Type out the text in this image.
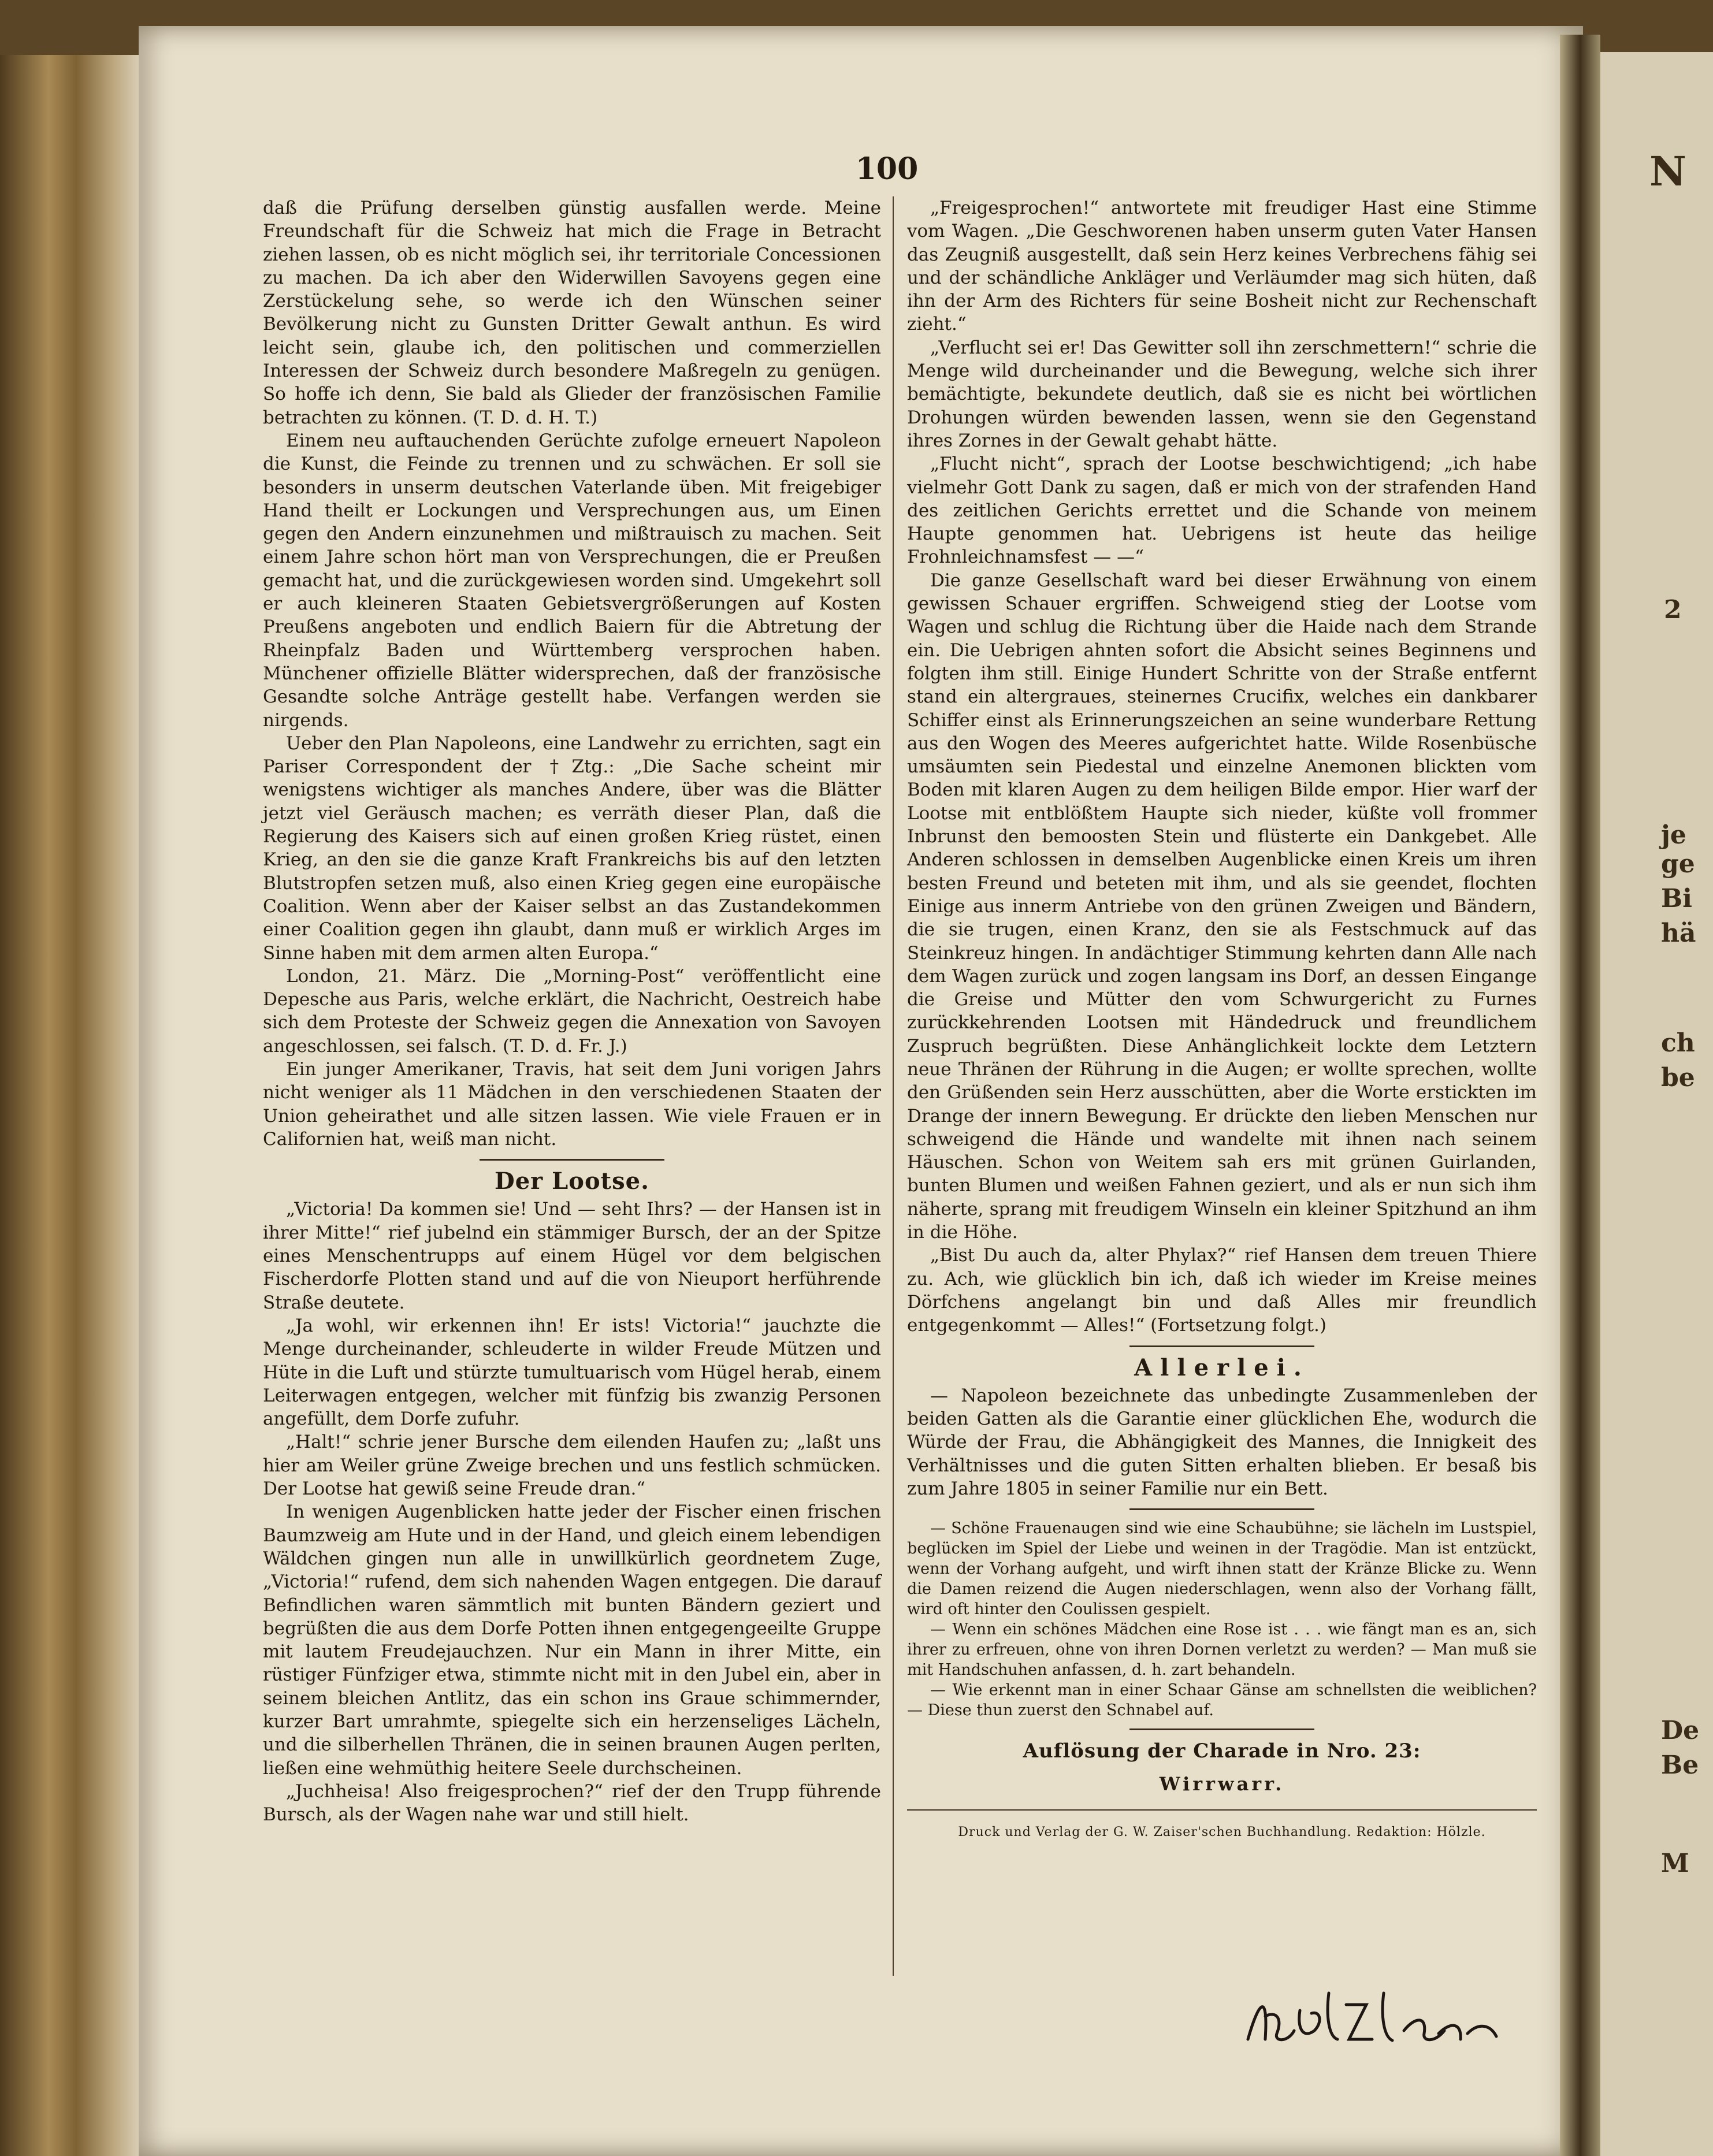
N
2
je
ge
Bi
hä
ch
be
De
Be
M
100

daß die Prüfung derselben günstig ausfallen werde. Meine Freundschaft für die Schweiz hat mich die Frage in Betracht ziehen lassen, ob es nicht möglich sei, ihr territoriale Concessionen zu machen. Da ich aber den Widerwillen Savoyens gegen eine Zerstückelung sehe, so werde ich den Wünschen seiner Bevölkerung nicht zu Gunsten Dritter Gewalt anthun. Es wird leicht sein, glaube ich, den politischen und commerziellen Interessen der Schweiz durch besondere Maßregeln zu genügen. So hoffe ich denn, Sie bald als Glieder der französischen Familie betrachten zu können. (T. D. d. H. T.)

Einem neu auftauchenden Gerüchte zufolge erneuert Napoleon die Kunst, die Feinde zu trennen und zu schwächen. Er soll sie besonders in unserm deutschen Vaterlande üben. Mit freigebiger Hand theilt er Lockungen und Versprechungen aus, um Einen gegen den Andern einzunehmen und mißtrauisch zu machen. Seit einem Jahre schon hört man von Versprechungen, die er Preußen gemacht hat, und die zurückgewiesen worden sind. Umgekehrt soll er auch kleineren Staaten Gebietsvergrößerungen auf Kosten Preußens angeboten und endlich Baiern für die Abtretung der Rheinpfalz Baden und Württemberg versprochen haben. Münchener offizielle Blätter widersprechen, daß der französische Gesandte solche Anträge gestellt habe. Verfangen werden sie nirgends.

Ueber den Plan Napoleons, eine Landwehr zu errichten, sagt ein Pariser Correspondent der †Ztg.: „Die Sache scheint mir wenigstens wichtiger als manches Andere, über was die Blätter jetzt viel Geräusch machen; es verräth dieser Plan, daß die Regierung des Kaisers sich auf einen großen Krieg rüstet, einen Krieg, an den sie die ganze Kraft Frankreichs bis auf den letzten Blutstropfen setzen muß, also einen Krieg gegen eine europäische Coalition. Wenn aber der Kaiser selbst an das Zustandekommen einer Coalition gegen ihn glaubt, dann muß er wirklich Arges im Sinne haben mit dem armen alten Europa.“

London, 21. März. Die „Morning-Post“ veröffentlicht eine Depesche aus Paris, welche erklärt, die Nachricht, Oestreich habe sich dem Proteste der Schweiz gegen die Annexation von Savoyen angeschlossen, sei falsch. (T. D. d. Fr. J.)

Ein junger Amerikaner, Travis, hat seit dem Juni vorigen Jahrs nicht weniger als 11 Mädchen in den verschiedenen Staaten der Union geheirathet und alle sitzen lassen. Wie viele Frauen er in Californien hat, weiß man nicht.

Der Lootse.

„Victoria! Da kommen sie! Und — seht Ihrs? — der Hansen ist in ihrer Mitte!“ rief jubelnd ein stämmiger Bursch, der an der Spitze eines Menschentrupps auf einem Hügel vor dem belgischen Fischerdorfe Plotten stand und auf die von Nieuport herführende Straße deutete.

„Ja wohl, wir erkennen ihn! Er ists! Victoria!“ jauchzte die Menge durcheinander, schleuderte in wilder Freude Mützen und Hüte in die Luft und stürzte tumultuarisch vom Hügel herab, einem Leiterwagen entgegen, welcher mit fünfzig bis zwanzig Personen angefüllt, dem Dorfe zufuhr.

„Halt!“ schrie jener Bursche dem eilenden Haufen zu; „laßt uns hier am Weiler grüne Zweige brechen und uns festlich schmücken. Der Lootse hat gewiß seine Freude dran.“

In wenigen Augenblicken hatte jeder der Fischer einen frischen Baumzweig am Hute und in der Hand, und gleich einem lebendigen Wäldchen gingen nun alle in unwillkürlich geordnetem Zuge, „Victoria!“ rufend, dem sich nahenden Wagen entgegen. Die darauf Befindlichen waren sämmtlich mit bunten Bändern geziert und begrüßten die aus dem Dorfe Potten ihnen entgegengeeilte Gruppe mit lautem Freudejauchzen. Nur ein Mann in ihrer Mitte, ein rüstiger Fünfziger etwa, stimmte nicht mit in den Jubel ein, aber in seinem bleichen Antlitz, das ein schon ins Graue schimmernder, kurzer Bart umrahmte, spiegelte sich ein herzenseliges Lächeln, und die silberhellen Thränen, die in seinen braunen Augen perlten, ließen eine wehmüthig heitere Seele durchscheinen.

„Juchheisa! Also freigesprochen?“ rief der den Trupp führende Bursch, als der Wagen nahe war und still hielt.

„Freigesprochen!“ antwortete mit freudiger Hast eine Stimme vom Wagen. „Die Geschworenen haben unserm guten Vater Hansen das Zeugniß ausgestellt, daß sein Herz keines Verbrechens fähig sei und der schändliche Ankläger und Verläumder mag sich hüten, daß ihn der Arm des Richters für seine Bosheit nicht zur Rechenschaft zieht.“

„Verflucht sei er! Das Gewitter soll ihn zerschmettern!“ schrie die Menge wild durcheinander und die Bewegung, welche sich ihrer bemächtigte, bekundete deutlich, daß sie es nicht bei wörtlichen Drohungen würden bewenden lassen, wenn sie den Gegenstand ihres Zornes in der Gewalt gehabt hätte.

„Flucht nicht“, sprach der Lootse beschwichtigend; „ich habe vielmehr Gott Dank zu sagen, daß er mich von der strafenden Hand des zeitlichen Gerichts errettet und die Schande von meinem Haupte genommen hat. Uebrigens ist heute das heilige Frohnleichnamsfest — —“

Die ganze Gesellschaft ward bei dieser Erwähnung von einem gewissen Schauer ergriffen. Schweigend stieg der Lootse vom Wagen und schlug die Richtung über die Haide nach dem Strande ein. Die Uebrigen ahnten sofort die Absicht seines Beginnens und folgten ihm still. Einige Hundert Schritte von der Straße entfernt stand ein altergraues, steinernes Crucifix, welches ein dankbarer Schiffer einst als Erinnerungszeichen an seine wunderbare Rettung aus den Wogen des Meeres aufgerichtet hatte. Wilde Rosenbüsche umsäumten sein Piedestal und einzelne Anemonen blickten vom Boden mit klaren Augen zu dem heiligen Bilde empor. Hier warf der Lootse mit entblößtem Haupte sich nieder, küßte voll frommer Inbrunst den bemoosten Stein und flüsterte ein Dankgebet. Alle Anderen schlossen in demselben Augenblicke einen Kreis um ihren besten Freund und beteten mit ihm, und als sie geendet, flochten Einige aus innerm Antriebe von den grünen Zweigen und Bändern, die sie trugen, einen Kranz, den sie als Festschmuck auf das Steinkreuz hingen. In andächtiger Stimmung kehrten dann Alle nach dem Wagen zurück und zogen langsam ins Dorf, an dessen Eingange die Greise und Mütter den vom Schwurgericht zu Furnes zurückkehrenden Lootsen mit Händedruck und freundlichem Zuspruch begrüßten. Diese Anhänglichkeit lockte dem Letztern neue Thränen der Rührung in die Augen; er wollte sprechen, wollte den Grüßenden sein Herz ausschütten, aber die Worte erstickten im Drange der innern Bewegung. Er drückte den lieben Menschen nur schweigend die Hände und wandelte mit ihnen nach seinem Häuschen. Schon von Weitem sah ers mit grünen Guirlanden, bunten Blumen und weißen Fahnen geziert, und als er nun sich ihm näherte, sprang mit freudigem Winseln ein kleiner Spitzhund an ihm in die Höhe.

„Bist Du auch da, alter Phylax?“ rief Hansen dem treuen Thiere zu. Ach, wie glücklich bin ich, daß ich wieder im Kreise meines Dörfchens angelangt bin und daß Alles mir freundlich entgegenkommt — Alles!“ (Fortsetzung folgt.)

Allerlei.

— Napoleon bezeichnete das unbedingte Zusammenleben der beiden Gatten als die Garantie einer glücklichen Ehe, wodurch die Würde der Frau, die Abhängigkeit des Mannes, die Innigkeit des Verhältnisses und die guten Sitten erhalten blieben. Er besaß bis zum Jahre 1805 in seiner Familie nur ein Bett.

— Schöne Frauenaugen sind wie eine Schaubühne; sie lächeln im Lustspiel, beglücken im Spiel der Liebe und weinen in der Tragödie. Man ist entzückt, wenn der Vorhang aufgeht, und wirft ihnen statt der Kränze Blicke zu. Wenn die Damen reizend die Augen niederschlagen, wenn also der Vorhang fällt, wird oft hinter den Coulissen gespielt.

— Wenn ein schönes Mädchen eine Rose ist . . . wie fängt man es an, sich ihrer zu erfreuen, ohne von ihren Dornen verletzt zu werden? — Man muß sie mit Handschuhen anfassen, d. h. zart behandeln.

— Wie erkennt man in einer Schaar Gänse am schnellsten die weiblichen? — Diese thun zuerst den Schnabel auf.

Auflösung der Charade in Nro. 23:
Wirrwarr.
Druck und Verlag der G. W. Zaiser'schen Buchhandlung. Redaktion: Hölzle.
